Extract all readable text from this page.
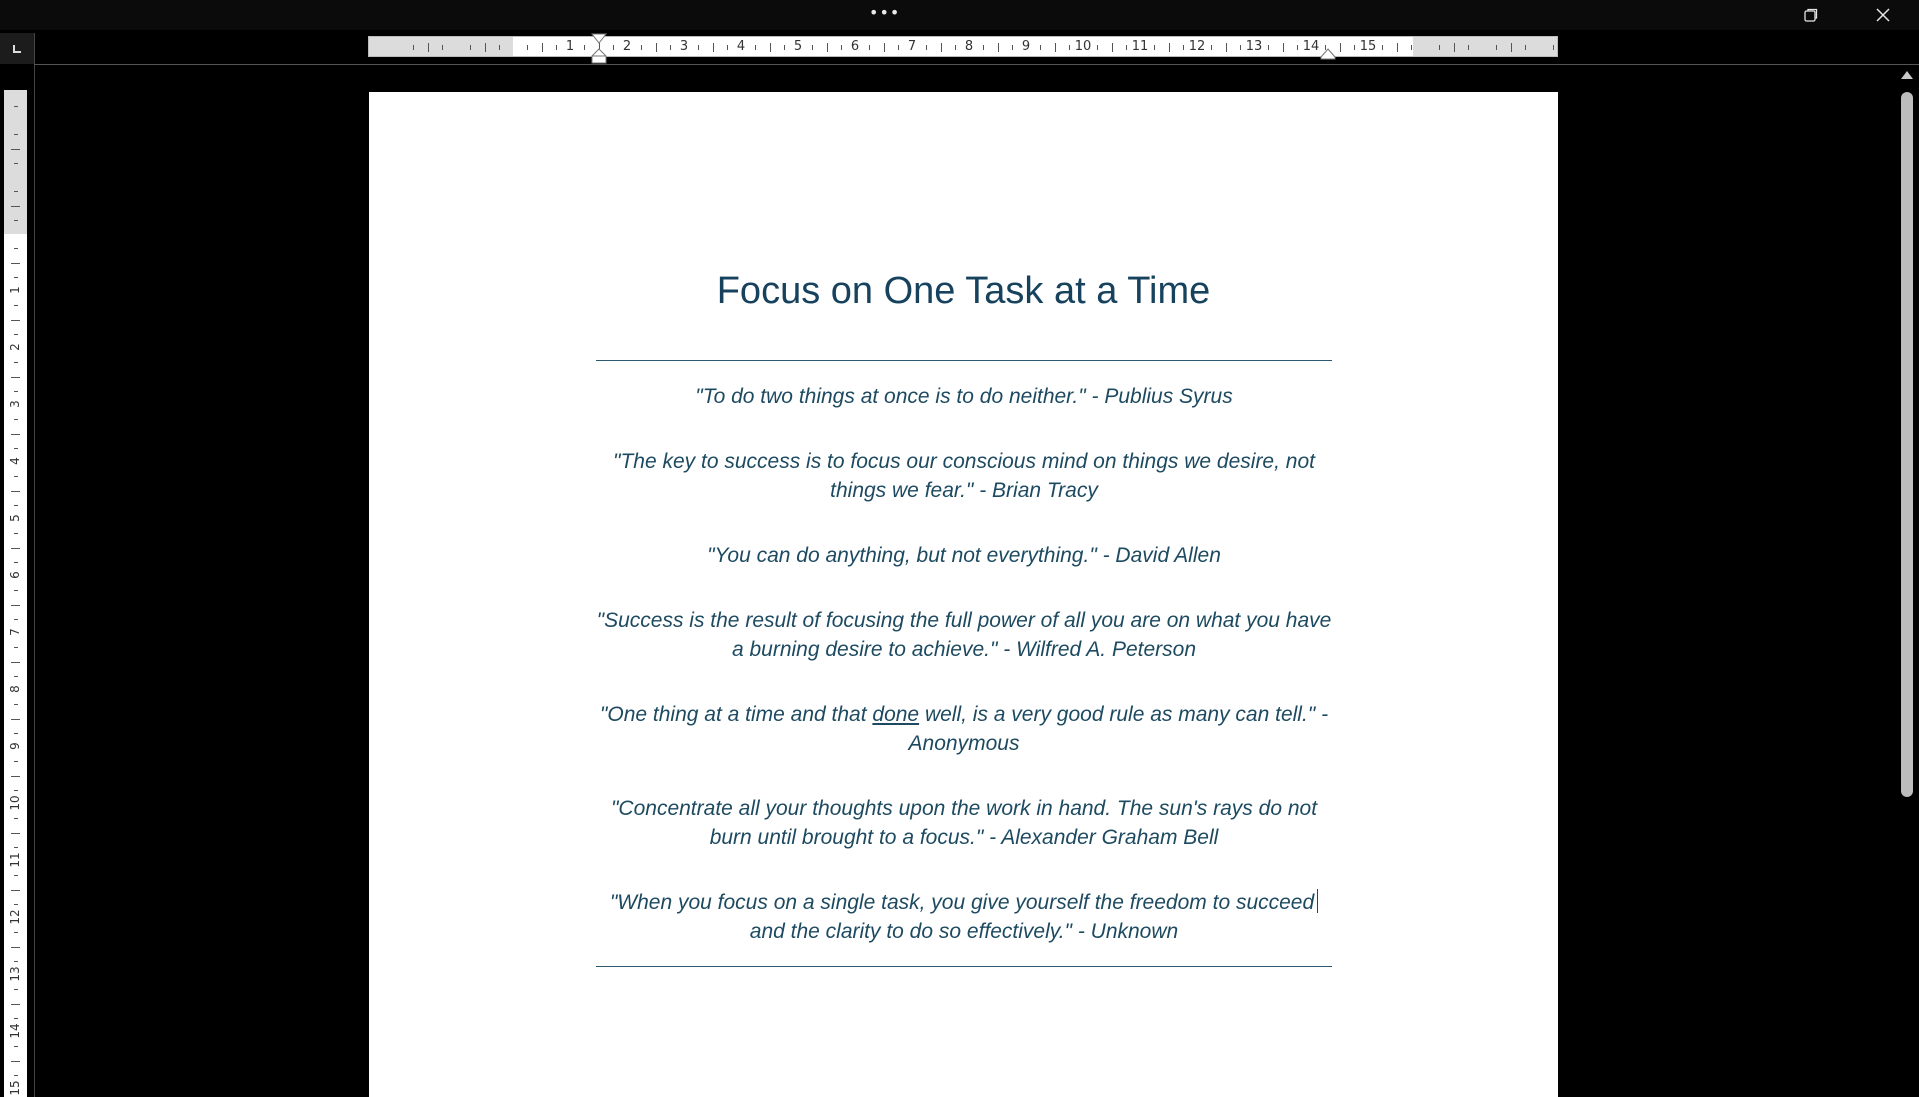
•••
1	2	3	4	5	6	7	8	9	10	11	12	13	14	15
1
2
3
4
5
6
7
8
9
10
11
12
13
14
15
Focus on One Task at a Time

"To do two things at once is to do neither." - Publius Syrus

"The key to success is to focus our conscious mind on things we desire, not things we fear." - Brian Tracy

"You can do anything, but not everything." - David Allen

"Success is the result of focusing the full power of all you are on what you have a burning desire to achieve." - Wilfred A. Peterson

"One thing at a time and that done well, is a very good rule as many can tell." - Anonymous

"Concentrate all your thoughts upon the work in hand. The sun's rays do not burn until brought to a focus." - Alexander Graham Bell

"When you focus on a single task, you give yourself the freedom to succeed and the clarity to do so effectively." - Unknown
